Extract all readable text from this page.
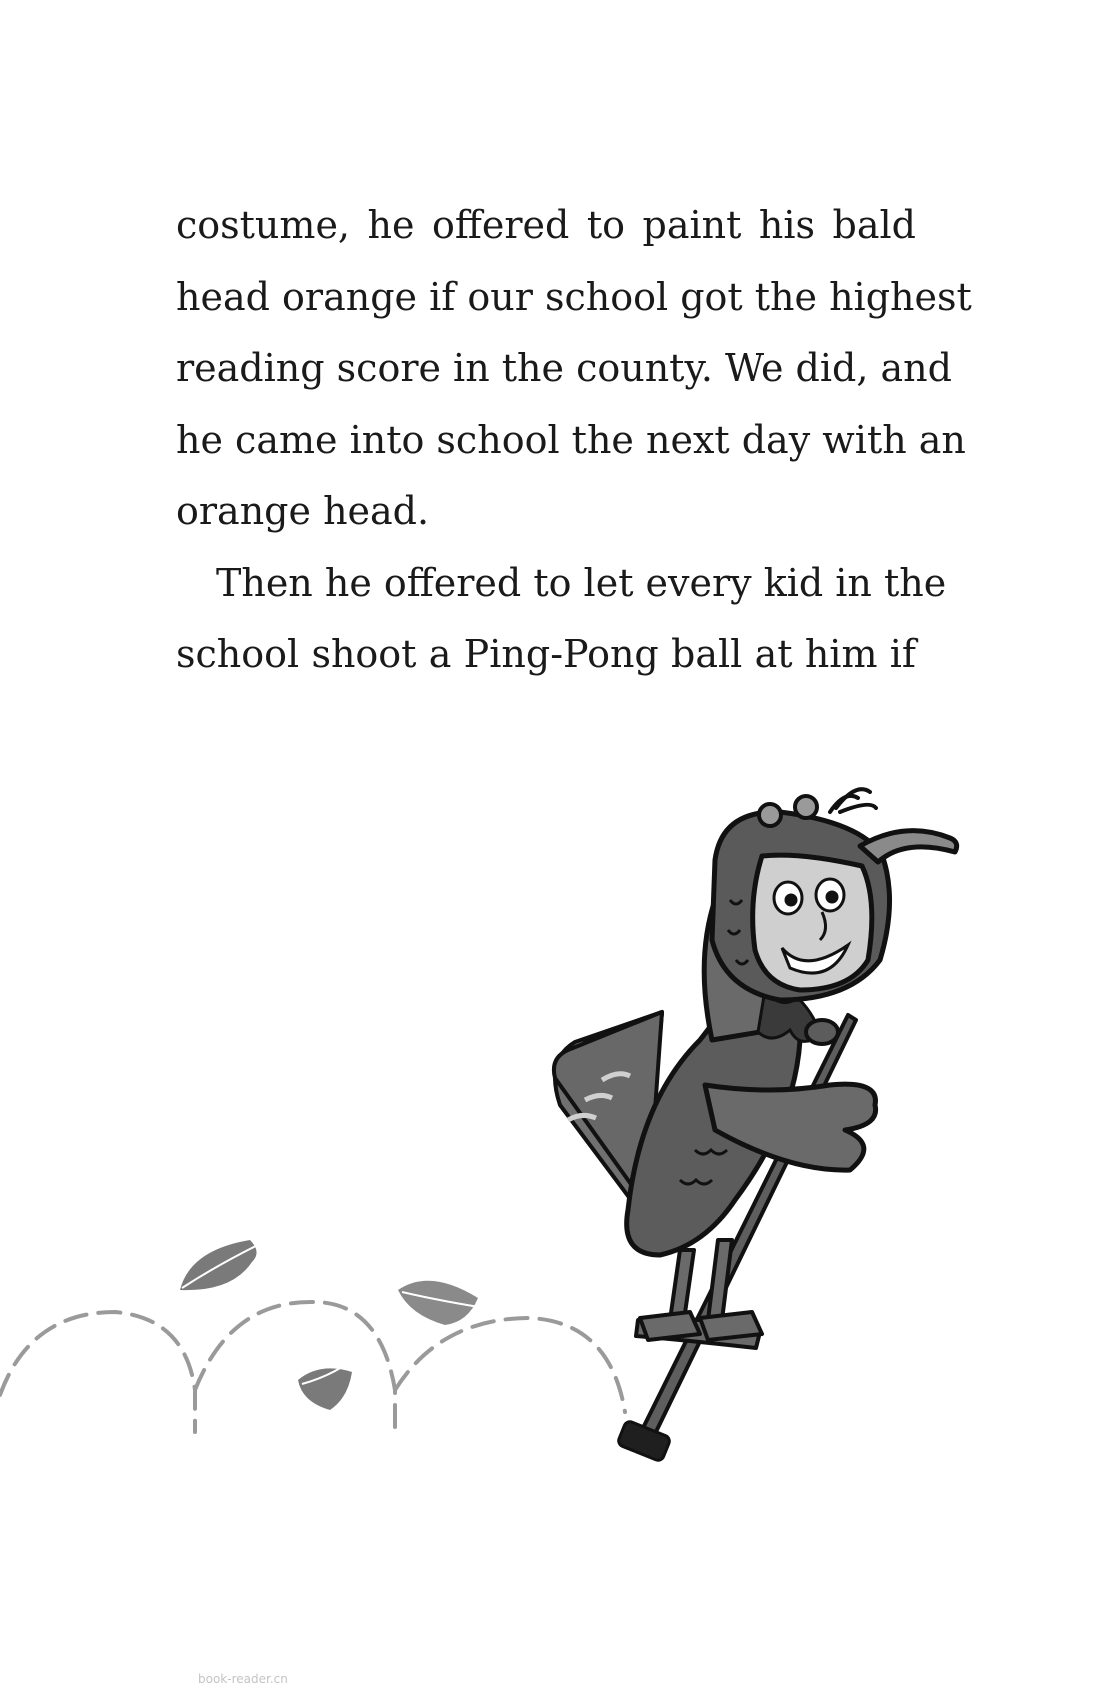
costume, he offered to paint his bald
head orange if our school got the highest
reading score in the county. We did, and
he came into school the next day with an
orange head.
Then he offered to let every kid in the
school shoot a Ping-Pong ball at him if
book-reader.cn
